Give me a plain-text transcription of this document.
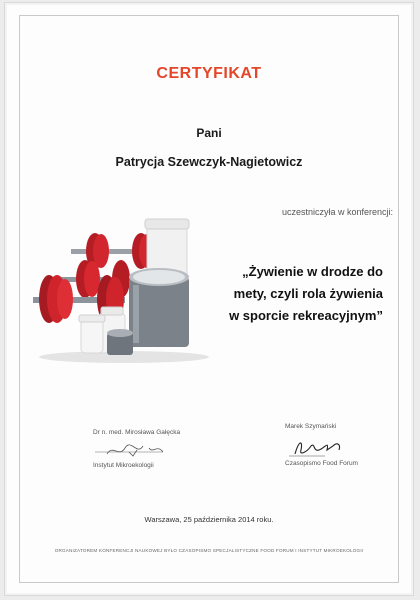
CERTYFIKAT
Pani
Patrycja Szewczyk-Nagietowicz
uczestniczyła w konferencji:
„Żywienie w drodze do
mety, czyli rola żywienia
w sporcie rekreacyjnym”
Dr n. med. Mirosława Gałęcka
Instytut Mikroekologii
Marek Szymański
Czasopismo Food Forum
Warszawa, 25 października 2014 roku.
ORGANIZATOREM KONFERENCJI NAUKOWEJ BYŁO CZASOPISMO SPECJALISTYCZNE FOOD FORUM I INSTYTUT MIKROEKOLOGII
